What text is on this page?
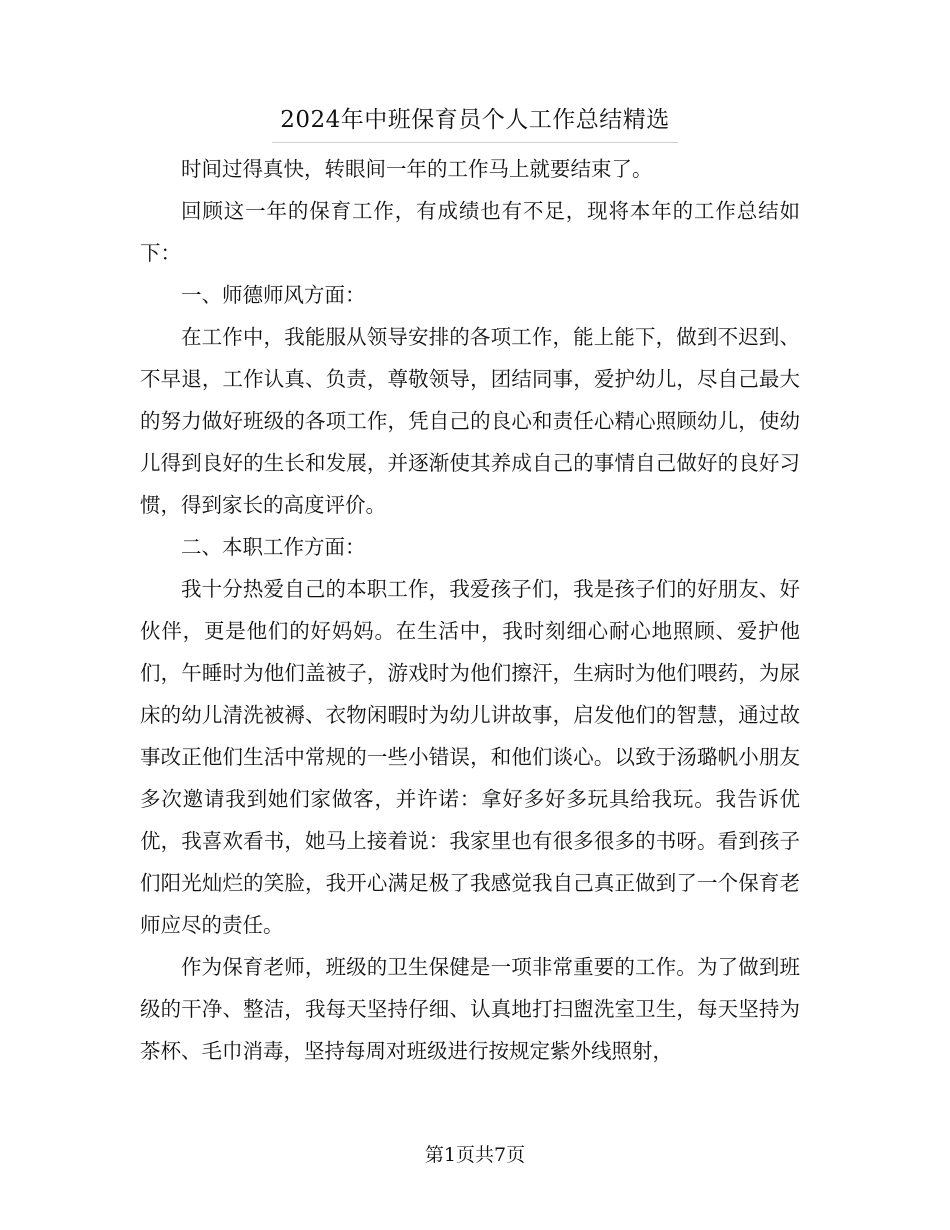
2024年中班保育员个人工作总结精选

时间过得真快，转眼间一年的工作马上就要结束了。

回顾这一年的保育工作，有成绩也有不足，现将本年的工作总结如下：

一、师德师风方面：

在工作中，我能服从领导安排的各项工作，能上能下，做到不迟到、不早退，工作认真、负责，尊敬领导，团结同事，爱护幼儿，尽自己最大的努力做好班级的各项工作，凭自己的良心和责任心精心照顾幼儿，使幼儿得到良好的生长和发展，并逐渐使其养成自己的事情自己做好的良好习惯，得到家长的高度评价。

二、本职工作方面：

我十分热爱自己的本职工作，我爱孩子们，我是孩子们的好朋友、好伙伴，更是他们的好妈妈。在生活中，我时刻细心耐心地照顾、爱护他们，午睡时为他们盖被子，游戏时为他们擦汗，生病时为他们喂药，为尿床的幼儿清洗被褥、衣物闲暇时为幼儿讲故事，启发他们的智慧，通过故事改正他们生活中常规的一些小错误，和他们谈心。以致于汤璐帆小朋友多次邀请我到她们家做客，并许诺：拿好多好多玩具给我玩。我告诉优优，我喜欢看书，她马上接着说：我家里也有很多很多的书呀。看到孩子们阳光灿烂的笑脸，我开心满足极了我感觉我自己真正做到了一个保育老师应尽的责任。

作为保育老师，班级的卫生保健是一项非常重要的工作。为了做到班级的干净、整洁，我每天坚持仔细、认真地打扫盥洗室卫生，每天坚持为茶杯、毛巾消毒，坚持每周对班级进行按规定紫外线照射，

第1页共7页
